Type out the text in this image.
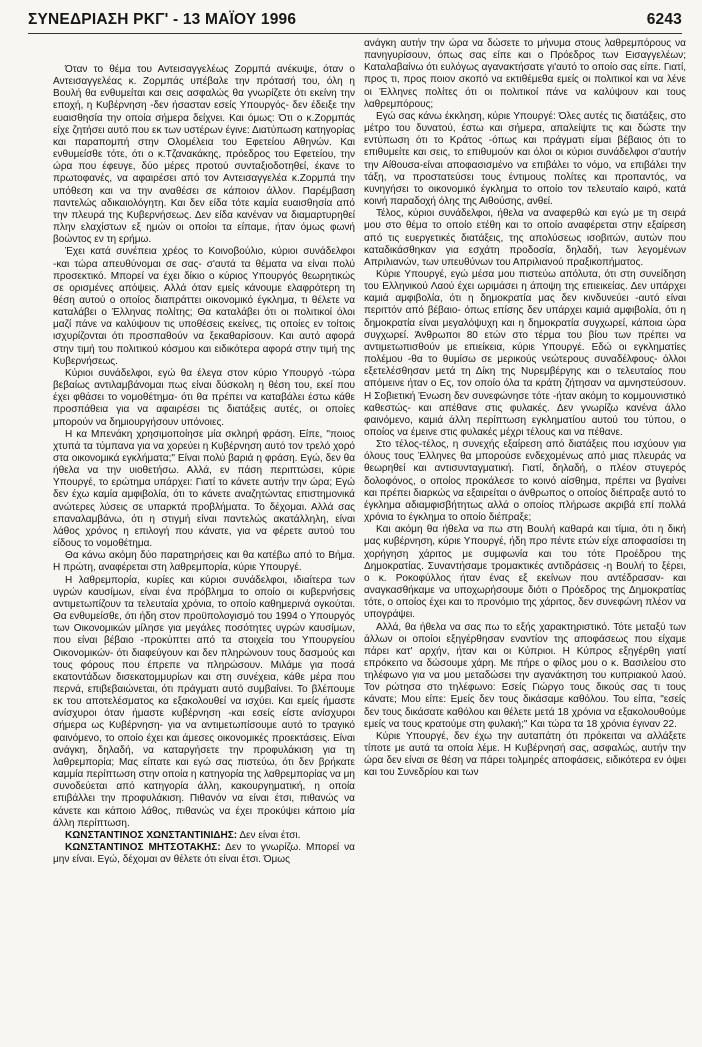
ΣΥΝΕΔΡΙΑΣΗ ΡΚΓ' - 13 ΜΑΪΟΥ 1996	6243

Όταν το θέμα του Αντεισαγγελέως Ζορμπά ανέκυψε, όταν ο Αντεισαγγελέας κ. Ζορμπάς υπέβαλε την πρότασή του, όλη η Βουλή θα ενθυμείται και σεις ασφαλώς θα γνωρίζετε ότι εκείνη την εποχή, η Κυβέρνηση -δεν ήσασταν εσείς Υπουργός- δεν έδειξε την ευαισθησία την οποία σήμερα δείχνει. Και όμως: Ότι ο κ.Ζορμπάς είχε ζητήσει αυτό που εκ των υστέρων έγινε: Διατύπωση κατηγορίας και παραπομπή στην Ολομέλεια του Εφετείου Αθηνών. Και ενθυμείσθε τότε, ότι ο κ.Τζανακάκης, πρόεδρος του Εφετείου, την ώρα που έφευγε, δύο μέρες προτού συνταξιοδοτηθεί, έκανε το πρωτοφανές, να αφαιρέσει από τον Αντεισαγγελέα κ.Ζορμπά την υπόθεση και να την αναθέσει σε κάποιον άλλον. Παρέμβαση παντελώς αδικαιολόγητη. Και δεν είδα τότε καμία ευαισθησία από την πλευρά της Κυβερνήσεως. Δεν είδα κανέναν να διαμαρτυρηθεί πλην ελαχίστων εξ ημών οι οποίοι τα είπαμε, ήταν όμως φωνή βοώντος εν τη ερήμω.

Έχει κατά συνέπεια χρέος το Κοινοβούλιο, κύριοι συνάδελφοι -και τώρα απευθύνομαι σε σας- σ'αυτά τα θέματα να είναι πολύ προσεκτικό. Μπορεί να έχει δίκιο ο κύριος Υπουργός θεωρητικώς σε ορισμένες απόψεις. Αλλά όταν εμείς κάνουμε ελαφρότερη τη θέση αυτού ο οποίος διαπράττει οικονομικό έγκλημα, τι θέλετε να καταλάβει ο Έλληνας πολίτης; Θα καταλάβει ότι οι πολιτικοί όλοι μαζί πάνε να καλύψουν τις υποθέσεις εκείνες, τις οποίες εν τοίτοις ισχυρίζονται ότι προσπαθούν να ξεκαθαρίσουν. Και αυτό αφορά στην τιμή του πολιτικού κόσμου και ειδικότερα αφορά στην τιμή της Κυβερνήσεως.

Κύριοι συνάδελφοι, εγώ θα έλεγα στον κύριο Υπουργό -τώρα βεβαίως αντιλαμβάνομαι πως είναι δύσκολη η θέση του, εκεί που έχει φθάσει το νομοθέτημα- ότι θα πρέπει να καταβάλει έστω κάθε προσπάθεια για να αφαιρέσει τις διατάξεις αυτές, οι οποίες μπορούν να δημιουργήσουν υπόνοιες.

Η κα Μπενάκη χρησιμοποίησε μία σκληρή φράση. Είπε, "ποιος χτυπά τα τύμπανα για να χορεύει η Κυβέρνηση αυτό τον τρελό χορό στα οικονομικά εγκλήματα;" Είναι πολύ βαριά η φράση. Εγώ, δεν θα ήθελα να την υιοθετήσω. Αλλά, εν πάση περιπτώσει, κύριε Υπουργέ, το ερώτημα υπάρχει: Γιατί το κάνετε αυτήν την ώρα; Εγώ δεν έχω καμία αμφιβολία, ότι το κάνετε αναζητώντας επιστημονικά ανώτερες λύσεις σε υπαρκτά προβλήματα. Το δέχομαι. Αλλά σας επαναλαμβάνω, ότι η στιγμή είναι παντελώς ακατάλληλη, είναι λάθος χρόνος η επιλογή που κάνατε, για να φέρετε αυτού του είδους το νομοθέτημα.

Θα κάνω ακόμη δύο παρατηρήσεις και θα κατέβω από το Βήμα. Η πρώτη, αναφέρεται στη λαθρεμπορία, κύριε Υπουργέ.

Η λαθρεμπορία, κυρίες και κύριοι συνάδελφοι, ιδιαίτερα των υγρών καυσίμων, είναι ένα πρόβλημα το οποίο οι κυβερνήσεις αντιμετωπίζουν τα τελευταία χρόνια, το οποίο καθημερινά ογκούται. Θα ενθυμείσθε, ότι ήδη στον προϋπολογισμό του 1994 ο Υπουργός των Οικονομικών μίλησε για μεγάλες ποσότητες υγρών καυσίμων, που είναι βέβαιο -προκύπτει από τα στοιχεία του Υπουργείου Οικονομικών- ότι διαφεύγουν και δεν πληρώνουν τους δασμούς και τους φόρους που έπρεπε να πληρώσουν. Μιλάμε για ποσά εκατοντάδων δισεκατομμυρίων και στη συνέχεια, κάθε μέρα που περνά, επιβεβαιώνεται, ότι πράγματι αυτό συμβαίνει. Το βλέπουμε εκ του αποτελέσματος κα εξακολουθεί να ισχύει. Και εμείς ήμαστε ανίσχυροι όταν ήμαστε κυβέρνηση -και εσείς είστε ανίσχυροι σήμερα ως Κυβέρνηση- για να αντιμετωπίσουμε αυτό το τραγικό φαινόμενο, το οποίο έχει και άμεσες οικονομικές προεκτάσεις. Είναι ανάγκη, δηλαδή, να καταργήσετε την προφυλάκιση για τη λαθρεμπορία; Μας είπατε και εγώ σας πιστεύω, ότι δεν βρήκατε καμμία περίπτωση στην οποία η κατηγορία της λαθρεμπορίας να μη συνοδεύεται από κατηγορία άλλη, κακουργηματική, η οποία επιβάλλει την προφυλάκιση. Πιθανόν να είναι έτσι, πιθανώς να κάνετε και κάποιο λάθος, πιθανώς να έχει προκύψει κάποιο μία άλλη περίπτωση.

ΚΩΝΣΤΑΝΤΙΝΟΣ ΧΩΝΣΤΑΝΤΙΝΙΔΗΣ: Δεν είναι έτσι.

ΚΩΝΣΤΑΝΤΙΝΟΣ ΜΗΤΣΟΤΑΚΗΣ: Δεν το γνωρίζω. Μπορεί να μην είναι. Εγώ, δέχομαι αν θέλετε ότι είναι έτσι. Όμως

ανάγκη αυτήν την ώρα να δώσετε το μήνυμα στους λαθρεμπόρους να πανηγυρίσουν, όπως σας είπε και ο Πρόεδρος των Εισαγγελέων; Καταλαβαίνω ότι ευλόγως αγανακτήσατε γι'αυτό το οποίο σας είπε. Γιατί, προς τι, προς ποιον σκοπό να εκτιθέμεθα εμείς οι πολιτικοί και να λένε οι Έλληνες πολίτες ότι οι πολιτικοί πάνε να καλύψουν και τους λαθρεμπόρους;

Εγώ σας κάνω έκκληση, κύριε Υπουργέ: Όλες αυτές τις διατάξεις, στο μέτρο του δυνατού, έστω και σήμερα, απαλείψτε τις και δώστε την εντύπωση ότι το Κράτος -όπως και πράγματι είμαι βέβαιος ότι το επιθυμείτε και σεις, το επιθυμούν και όλοι οι κύριοι συνάδελφοι σ'αυτήν την Αίθουσα-είναι αποφασισμένο να επιβάλει το νόμο, να επιβάλει την τάξη, να προστατεύσει τους έντιμους πολίτες και προπαντός, να κυνηγήσει το οικονομικό έγκλημα το οποίο τον τελευταίο καιρό, κατά κοινή παραδοχή όλης της Αιθούσης, ανθεί.

Τέλος, κύριοι συνάδελφοι, ήθελα να αναφερθώ και εγώ με τη σειρά μου στο θέμα το οποίο ετέθη και το οποίο αναφέρεται στην εξαίρεση από τις ευεργετικές διατάξεις, της απολύσεως ισοβιτών, αυτών που καταδικάσθηκαν για εσχάτη προδοσία, δηλαδή, των λεγομένων Απριλιανών, των υπευθύνων του Απριλιανού πραξικοπήματος.

Κύριε Υπουργέ, εγώ μέσα μου πιστεύω απόλυτα, ότι στη συνείδηση του Ελληνικού Λαού έχει ωριμάσει η άποψη της επιεικείας. Δεν υπάρχει καμιά αμφιβολία, ότι η δημοκρατία μας δεν κινδυνεύει -αυτό είναι περιττόν από βέβαιο- όπως επίσης δεν υπάρχει καμιά αμφιβολία, ότι η δημοκρατία είναι μεγαλόψυχη και η δημοκρατία συγχωρεί, κάποια ώρα συγχωρεί. Άνθρωποι 80 ετών στο τέρμα του βίου των πρέπει να αντιμετωπισθούν με επιείκεια, κύριε Υπουργέ. Εδώ οι εγκληματίες πολέμου -θα το θυμίσω σε μερικούς νεώτερους συναδέλφους- όλλοι εξετελέσθησαν μετά τη Δίκη της Νυρεμβέργης και ο τελευταίος που απόμεινε ήταν ο Ες, τον οποίο όλα τα κράτη ζήτησαν να αμνηστεύσουν. Η Σοβιετική Ένωση δεν συνεφώνησε τότε -ήταν ακόμη το κομμουνιστικό καθεστώς- και απέθανε στις φυλακές. Δεν γνωρίζω κανένα άλλο φαινόμενο, καμιά άλλη περίπτωση εγκληματίου αυτού του τύπου, ο οποίος να έμεινε στις φυλακές μέχρι τέλους και να πέθανε.

Στο τέλος-τέλος, η συνεχής εξαίρεση από διατάξεις που ισχύουν για όλους τους Έλληνες θα μπορούσε ενδεχομένως από μιας πλευράς να θεωρηθεί και αντισυνταγματική. Γιατί, δηλαδή, ο πλέον στυγερός δολοφόνος, ο οποίος προκάλεσε το κοινό αίσθημα, πρέπει να βγαίνει και πρέπει διαρκώς να εξαιρείται ο άνθρωπος ο οποίος διέπραξε αυτό το έγκλημα αδιαμφισβήτητως αλλά ο οποίος πλήρωσε ακριβά επί πολλά χρόνια το έγκλημα το οποίο διέπραξε;

Και ακόμη θα ήθελα να πω στη Βουλή καθαρά και τίμια, ότι η δική μας κυβέρνηση, κύριε Υπουργέ, ήδη προ πέντε ετών είχε αποφασίσει τη χορήγηση χάριτος με συμφωνία και του τότε Προέδρου της Δημοκρατίας. Συναντήσαμε τρομακτικές αντιδράσεις -η Βουλή το ξέρει, ο κ. Ροκοφύλλος ήταν ένας εξ εκείνων που αντέδρασαν- και αναγκασθήκαμε να υποχωρήσουμε διότι ο Πρόεδρος της Δημοκρατίας τότε, ο οποίος έχει και το προνόμιο της χάριτος, δεν συνεφώνη πλέον να υπογράψει.

Αλλά, θα ήθελα να σας πω το εξής χαρακτηριστικό. Τότε μεταξύ των άλλων οι οποίοι εξηγέρθησαν εναντίον της αποφάσεως που είχαμε πάρει κατ' αρχήν, ήταν και οι Κύπριοι. Η Κύπρος εξηγέρθη γιατί επρόκειτο να δώσουμε χάρη. Με πήρε ο φίλος μου ο κ. Βασιλείου στο τηλέφωνο για να μου μεταδώσει την αγανάκτηση του κυπριακού λαού. Τον ρώτησα στο τηλέφωνο: Εσείς Γιώργο τους δικούς σας τι τους κάνατε; Μου είπε: Εμείς δεν τους δικάσαμε καθόλου. Του είπα, "εσείς δεν τους δικάσατε καθόλου και θέλετε μετά 18 χρόνια να εξακολουθούμε εμείς να τους κρατούμε στη φυλακή;" Και τώρα τα 18 χρόνια έγιναν 22.

Κύριε Υπουργέ, δεν έχω την αυταπάτη ότι πρόκειται να αλλάξετε τίποτε με αυτά τα οποία λέμε. Η Κυβέρνησή σας, ασφαλώς, αυτήν την ώρα δεν είναι σε θέση να πάρει τολμηρές αποφάσεις, ειδικότερα εν όψει και του Συνεδρίου και των
